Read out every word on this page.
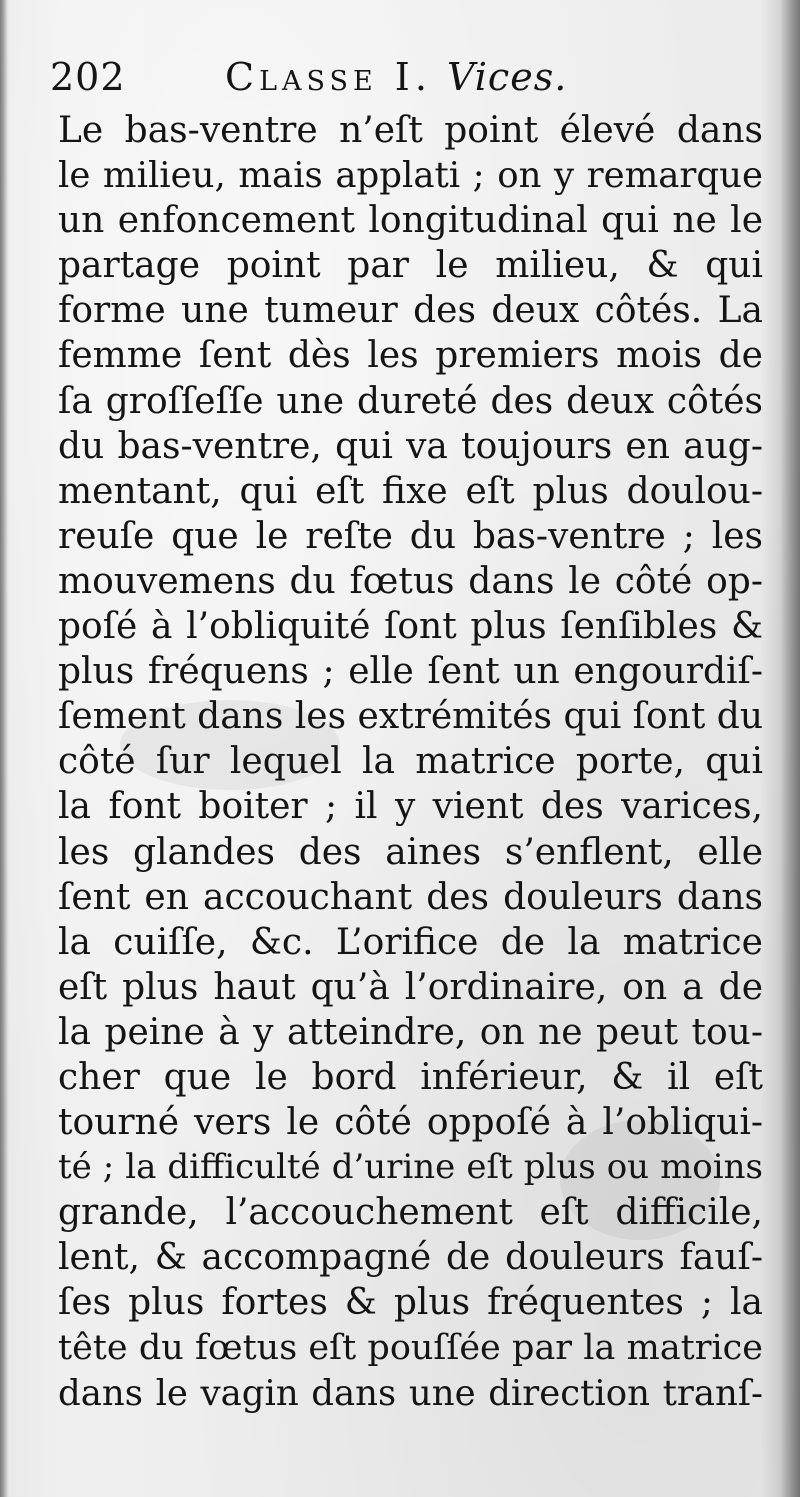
202	Classe I. Vices.
Le bas-ventre n’eſt point élevé dans
le milieu, mais applati ; on y remarque
un enfoncement longitudinal qui ne le
partage point par le milieu, & qui
forme une tumeur des deux côtés. La
femme ſent dès les premiers mois de
ſa groſſeſſe une dureté des deux côtés
du bas-ventre, qui va toujours en aug-
mentant, qui eſt fixe eſt plus doulou-
reuſe que le reſte du bas-ventre ; les
mouvemens du fœtus dans le côté op-
poſé à l’obliquité ſont plus ſenſibles &
plus fréquens ; elle ſent un engourdiſ-
ſement dans les extrémités qui ſont du
côté ſur lequel la matrice porte, qui
la font boiter ; il y vient des varices,
les glandes des aines s’enflent, elle
ſent en accouchant des douleurs dans
la cuiſſe, &c. L’orifice de la matrice
eſt plus haut qu’à l’ordinaire, on a de
la peine à y atteindre, on ne peut tou-
cher que le bord inférieur, & il eſt
tourné vers le côté oppoſé à l’obliqui-
té ; la difficulté d’urine eſt plus ou moins
grande, l’accouchement eſt difficile,
lent, & accompagné de douleurs fauſ-
ſes plus fortes & plus fréquentes ; la
tête du fœtus eſt pouſſée par la matrice
dans le vagin dans une direction tranſ-
